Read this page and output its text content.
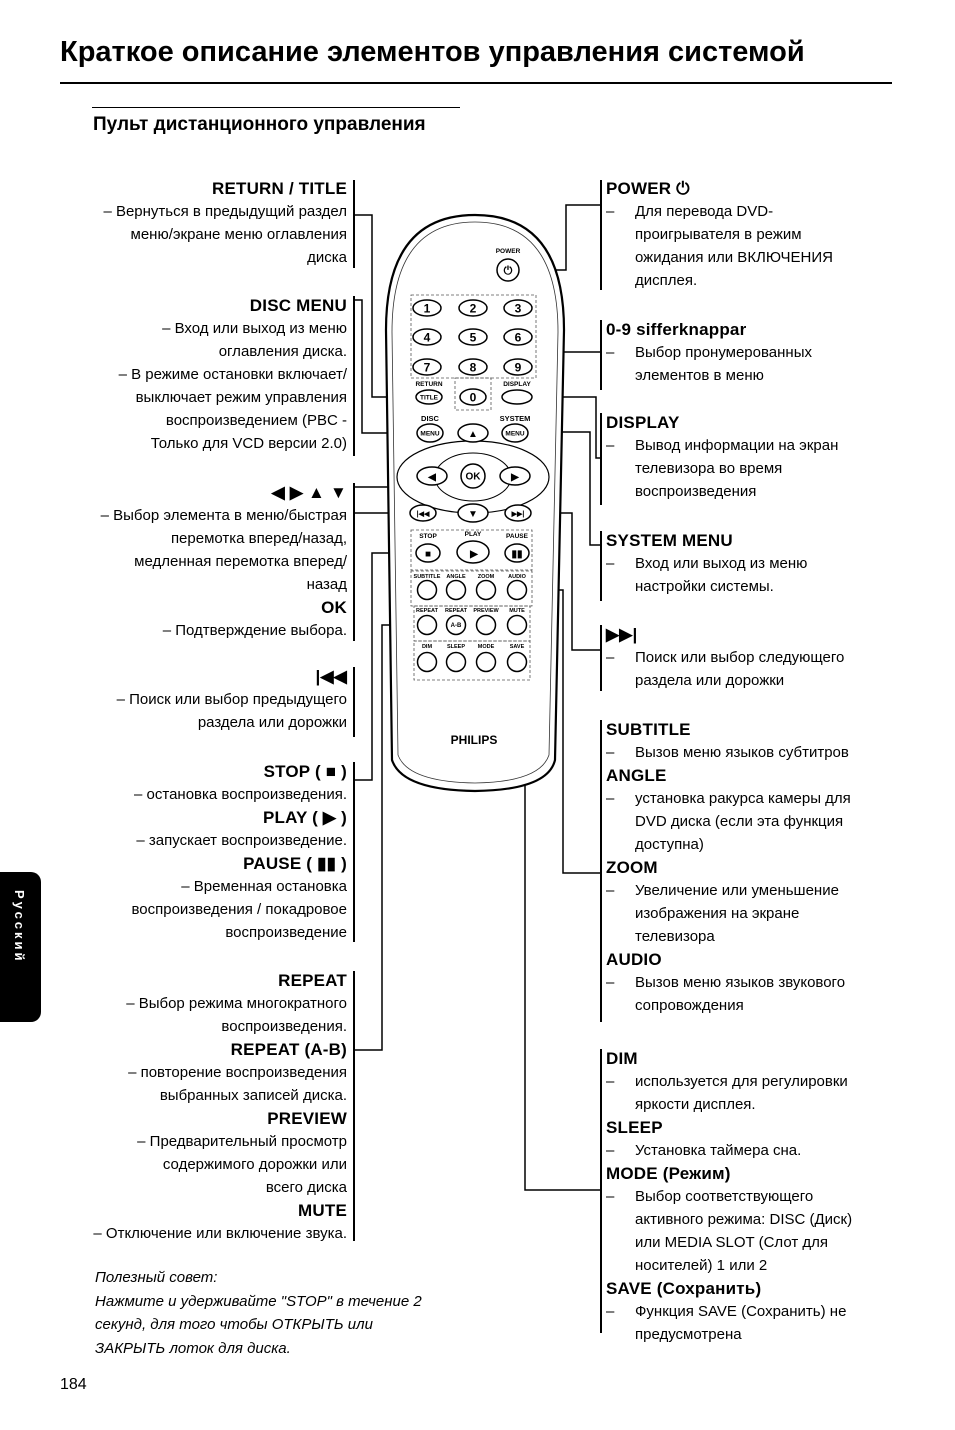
Краткое описание элементов управления системой
Пульт дистанционного управления
RETURN / TITLE
– Вернуться в предыдущий раздел
меню/экране меню оглавления
диска
DISC MENU
– Вход или выход из меню
оглавления диска.
– В режиме остановки включает/
выключает режим управления
воспроизведением (PBC -
Только для VCD версии 2.0)
◀ ▶ ▲ ▼
– Выбор элемента в меню/быстрая
перемотка вперед/назад,
медленная перемотка вперед/
назад
OK
– Подтверждение выбора.
|◀◀
– Поиск или выбор предыдущего
раздела или дорожки
STOP ( ■ )
– остановка воспроизведения.
PLAY ( ▶ )
– запускает воспроизведение.
PAUSE ( ▮▮ )
– Временная остановка
воспроизведения / покадровое
воспроизведение
REPEAT
– Выбор режима многократного
воспроизведения.
REPEAT (A-B)
– повторение воспроизведения
выбранных записей диска.
PREVIEW
– Предварительный просмотр
содержимого дорожки или
всего диска
MUTE
– Отключение или включение звука.
POWER ⏻
– Для перевода DVD-
проигрывателя в режим
ожидания или ВКЛЮЧЕНИЯ
дисплея.
0-9 sifferknappar
– Выбор пронумерованных
элементов в меню
DISPLAY
– Вывод информации на экран
телевизора во время
воспроизведения
SYSTEM MENU
– Вход или выход из меню
настройки системы.
▶▶|
– Поиск или выбор следующего
раздела или дорожки
SUBTITLE
– Вызов меню языков субтитров
ANGLE
– установка ракурса камеры для
DVD диска (если эта функция
доступна)
ZOOM
– Увеличение или уменьшение
изображения на экране
телевизора
AUDIO
– Вызов меню языков звукового
сопровождения
DIM
– используется для регулировки
яркости дисплея.
SLEEP
– Установка таймера сна.
MODE (Режим)
– Выбор соответствующего
активного режима: DISC (Диск)
или MEDIA SLOT (Слот для
носителей) 1 или 2
SAVE (Сохранить)
– Функция SAVE (Сохранить) не
предусмотрена
⏻
POWER
1	2	3
4	5	6
7	8	9
0
RETURN
TITLE
DISPLAY
DISC
MENU
SYSTEM
MENU
OK
▲
◀	▶
▼
|◀◀	▶▶|
STOP	PLAY	PAUSE
■	▶	▮▮
SUBTITLE ANGLE ZOOM	AUDIO
REPEAT REPEAT
A-B
PREVIEW MUTE
DIM	SLEEP MODE	SAVE
PHILIPS
Полезный совет:
Нажмите и удерживайте "STOP" в течение 2
секунд, для того чтобы ОТКРЫТЬ или
ЗАКРЫТЬ лоток для диска.
184
Русский
